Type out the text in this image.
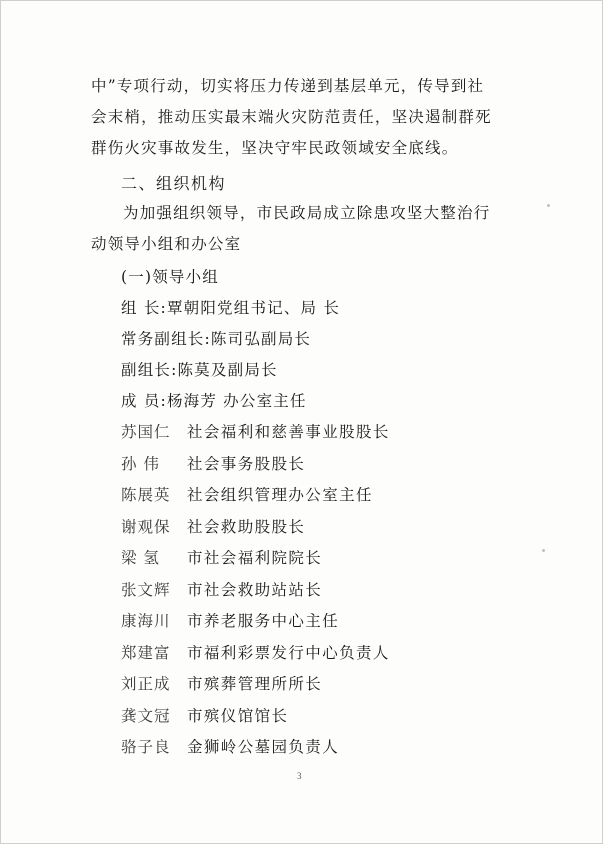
中”专项行动，切实将压力传递到基层单元，传导到社
会末梢，推动压实最末端火灾防范责任，坚决遏制群死
群伤火灾事故发生，坚决守牢民政领域安全底线。
二、组织机构
为加强组织领导，市民政局成立除患攻坚大整治行
动领导小组和办公室
(一)领导小组
组 长:覃朝阳党组书记、局 长
常务副组长:陈司弘副局长
副组长:陈莫及副局长
成 员:杨海芳 办公室主任
苏国仁 社会福利和慈善事业股股长
孙 伟 社会事务股股长
陈展英 社会组织管理办公室主任
谢观保 社会救助股股长
梁 氢 市社会福利院院长
张文辉 市社会救助站站长
康海川 市养老服务中心主任
郑建富 市福利彩票发行中心负责人
刘正成 市殡葬管理所所长
龚文冠 市殡仪馆馆长
骆子良 金狮岭公墓园负责人
3
